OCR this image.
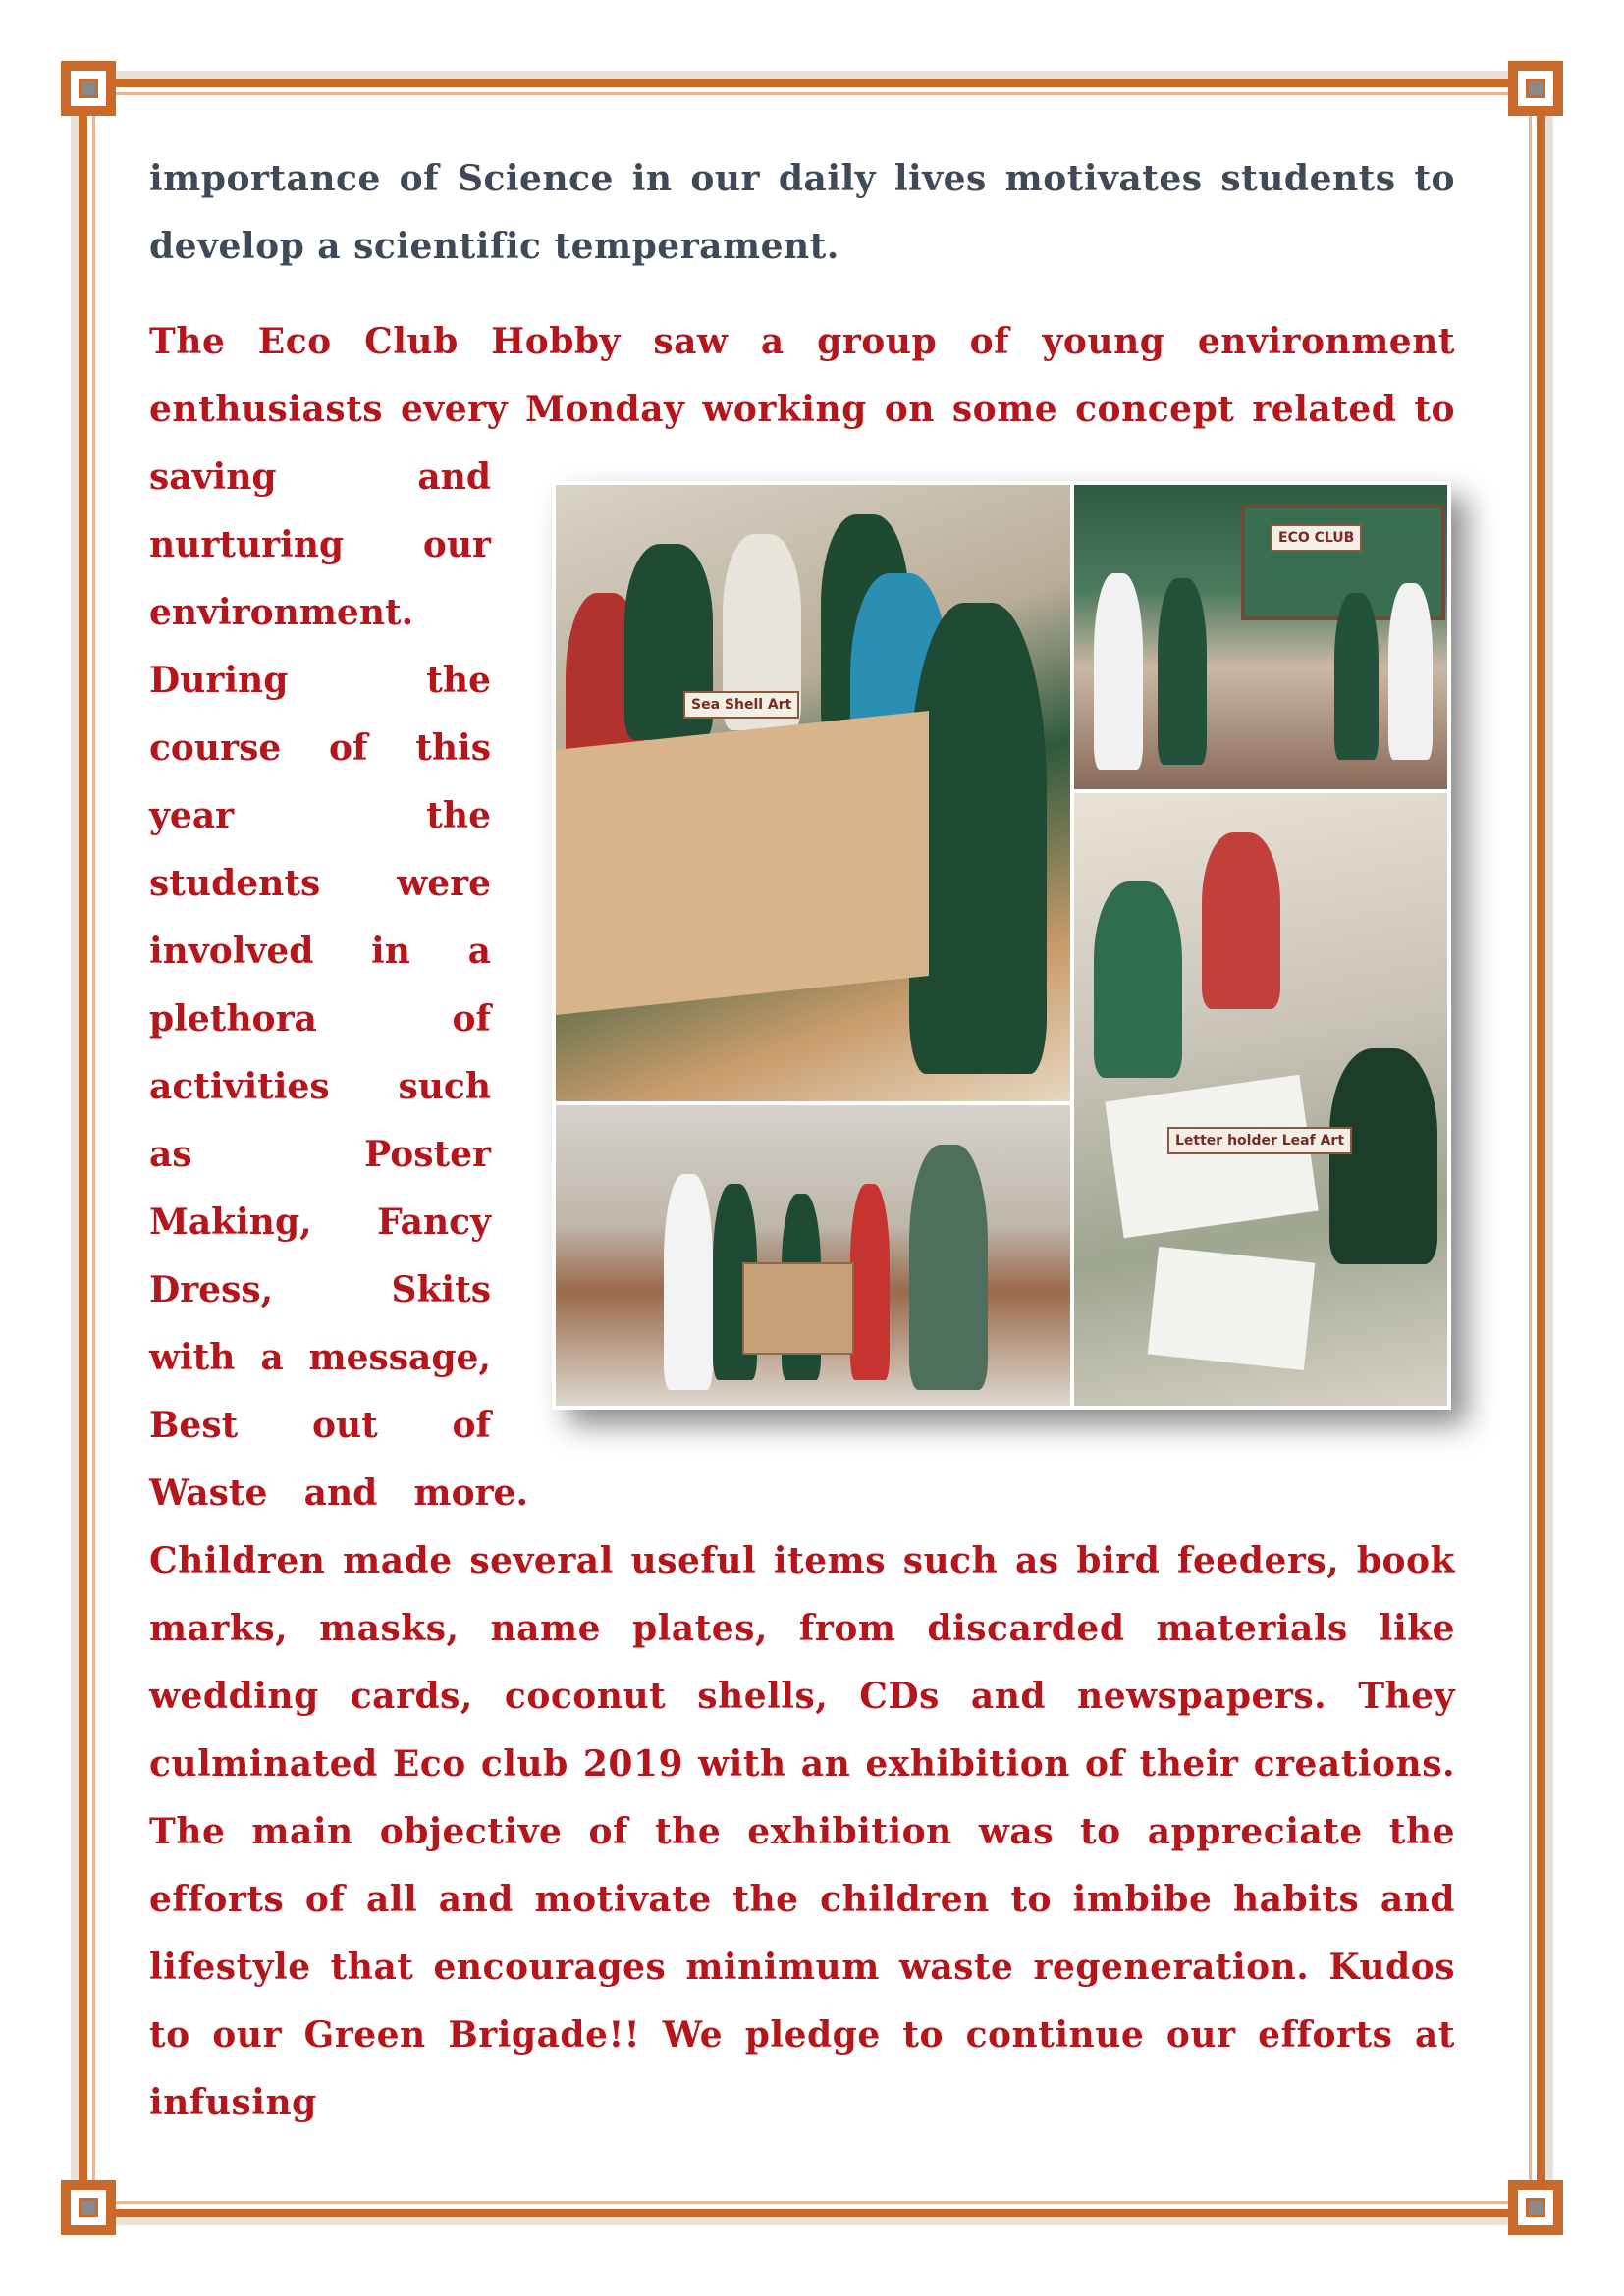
importance of Science in our daily lives motivates students to develop a scientific temperament.

The Eco Club Hobby saw a group of young environment
enthusiasts every Monday working on some concept related to
saving	and
nurturing our
environment.
During	the
course of this
year	the
students were
involved in a
plethora	of
activities such
as	Poster
Making, Fancy
Dress,	Skits
with a message,
Best out of
Waste and more.
Sea Shell Art
ECO CLUB
Letter holder Leaf Art

Children made several useful items such as bird feeders, book marks, masks, name plates, from discarded materials like wedding cards, coconut shells, CDs and newspapers. They culminated Eco club 2019 with an exhibition of their creations. The main objective of the exhibition was to appreciate the efforts of all and motivate the children to imbibe habits and lifestyle that encourages minimum waste regeneration. Kudos to our Green Brigade!! We pledge to continue our efforts at infusing
